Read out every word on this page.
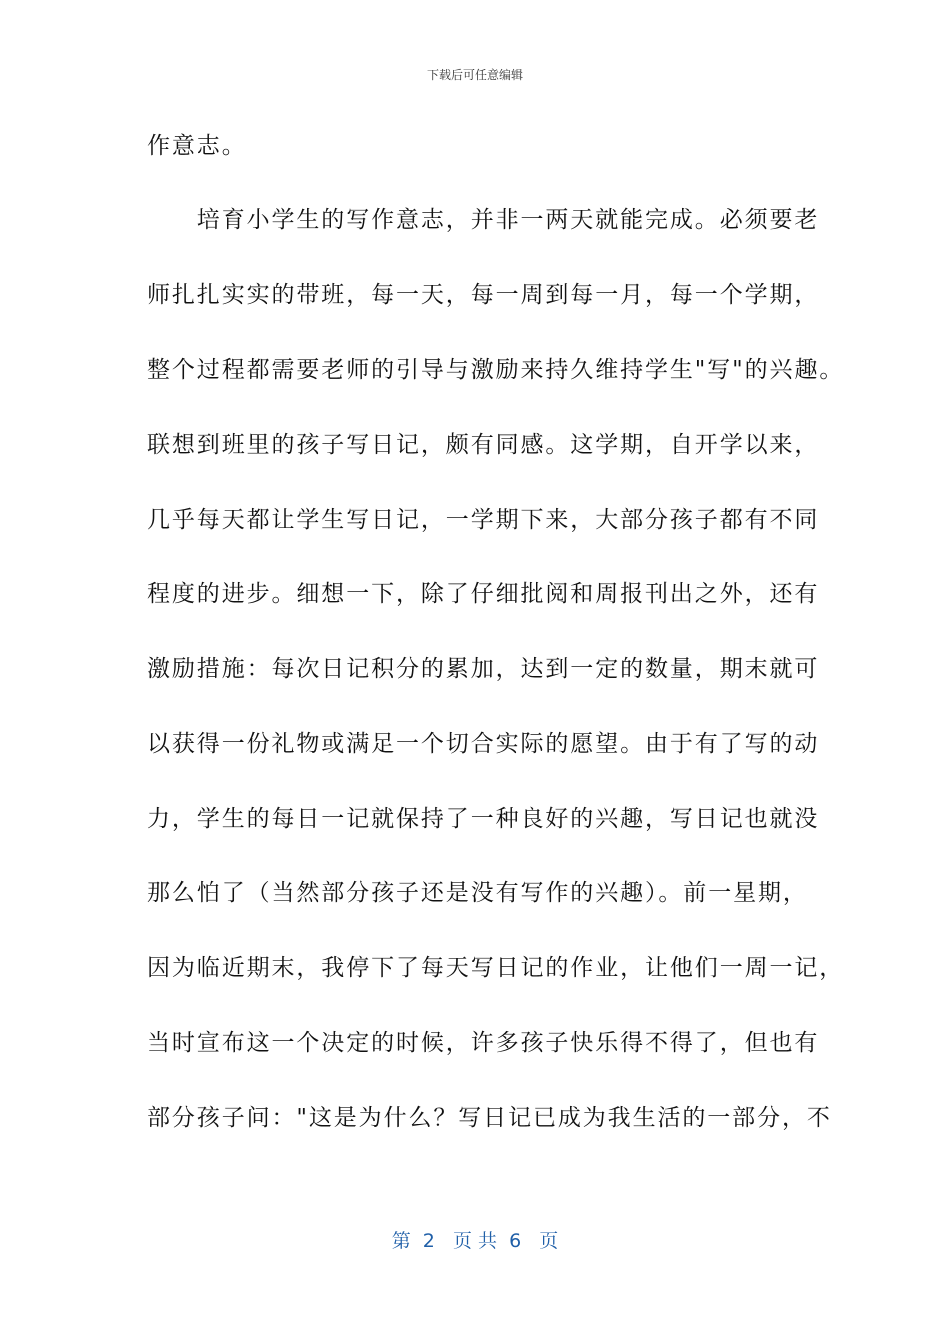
下载后可任意编辑
作意志。
　　培育小学生的写作意志，并非一两天就能完成。必须要老
师扎扎实实的带班，每一天，每一周到每一月，每一个学期，
整个过程都需要老师的引导与激励来持久维持学生"写"的兴趣。
联想到班里的孩子写日记，颇有同感。这学期，自开学以来，
几乎每天都让学生写日记，一学期下来，大部分孩子都有不同
程度的进步。细想一下，除了仔细批阅和周报刊出之外，还有
激励措施：每次日记积分的累加，达到一定的数量，期末就可
以获得一份礼物或满足一个切合实际的愿望。由于有了写的动
力，学生的每日一记就保持了一种良好的兴趣，写日记也就没
那么怕了（当然部分孩子还是没有写作的兴趣）。前一星期，
因为临近期末，我停下了每天写日记的作业，让他们一周一记，
当时宣布这一个决定的时候，许多孩子快乐得不得了，但也有
部分孩子问："这是为什么？写日记已成为我生活的一部分，不
第  2   页 共  6   页
